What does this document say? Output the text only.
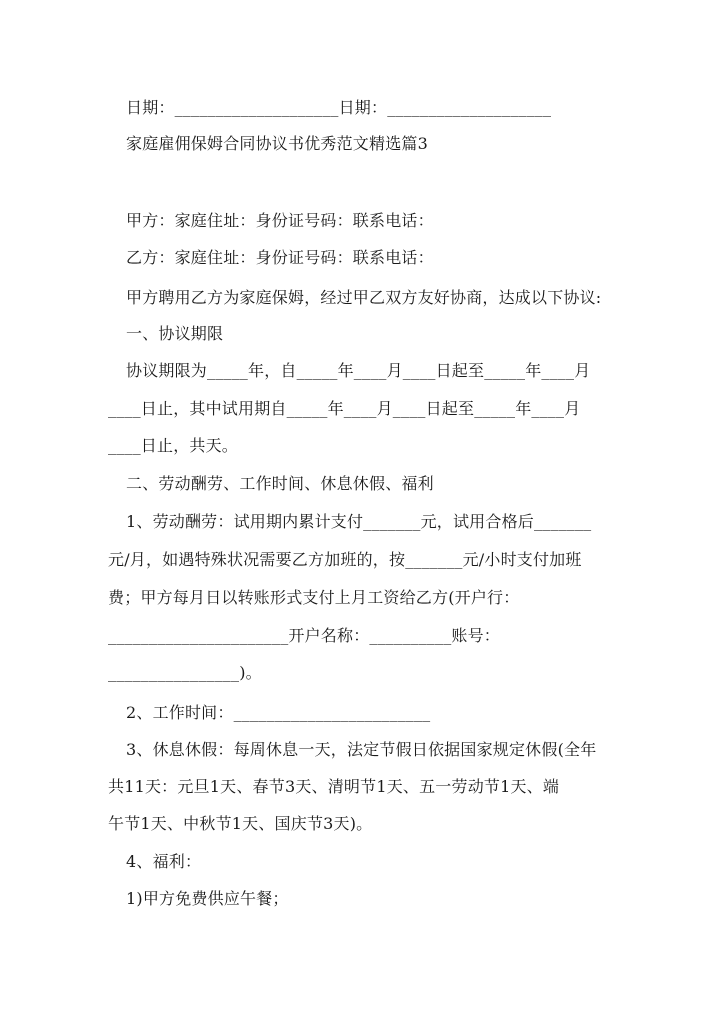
日期：____________________日期：____________________
家庭雇佣保姆合同协议书优秀范文精选篇3
甲方：家庭住址：身份证号码：联系电话：
乙方：家庭住址：身份证号码：联系电话：
甲方聘用乙方为家庭保姆，经过甲乙双方友好协商，达成以下协议:
一、协议期限
协议期限为_____年，自_____年____月____日起至_____年____月
____日止，其中试用期自_____年____月____日起至_____年____月
____日止，共天。
二、劳动酬劳、工作时间、休息休假、福利
1、劳动酬劳：试用期内累计支付_______元，试用合格后_______
元/月，如遇特殊状况需要乙方加班的，按_______元/小时支付加班
费；甲方每月日以转账形式支付上月工资给乙方(开户行：
______________________开户名称：__________账号：
________________)。
2、工作时间：________________________
3、休息休假：每周休息一天，法定节假日依据国家规定休假(全年
共11天：元旦1天、春节3天、清明节1天、五一劳动节1天、端
午节1天、中秋节1天、国庆节3天)。
4、福利：
1)甲方免费供应午餐；
